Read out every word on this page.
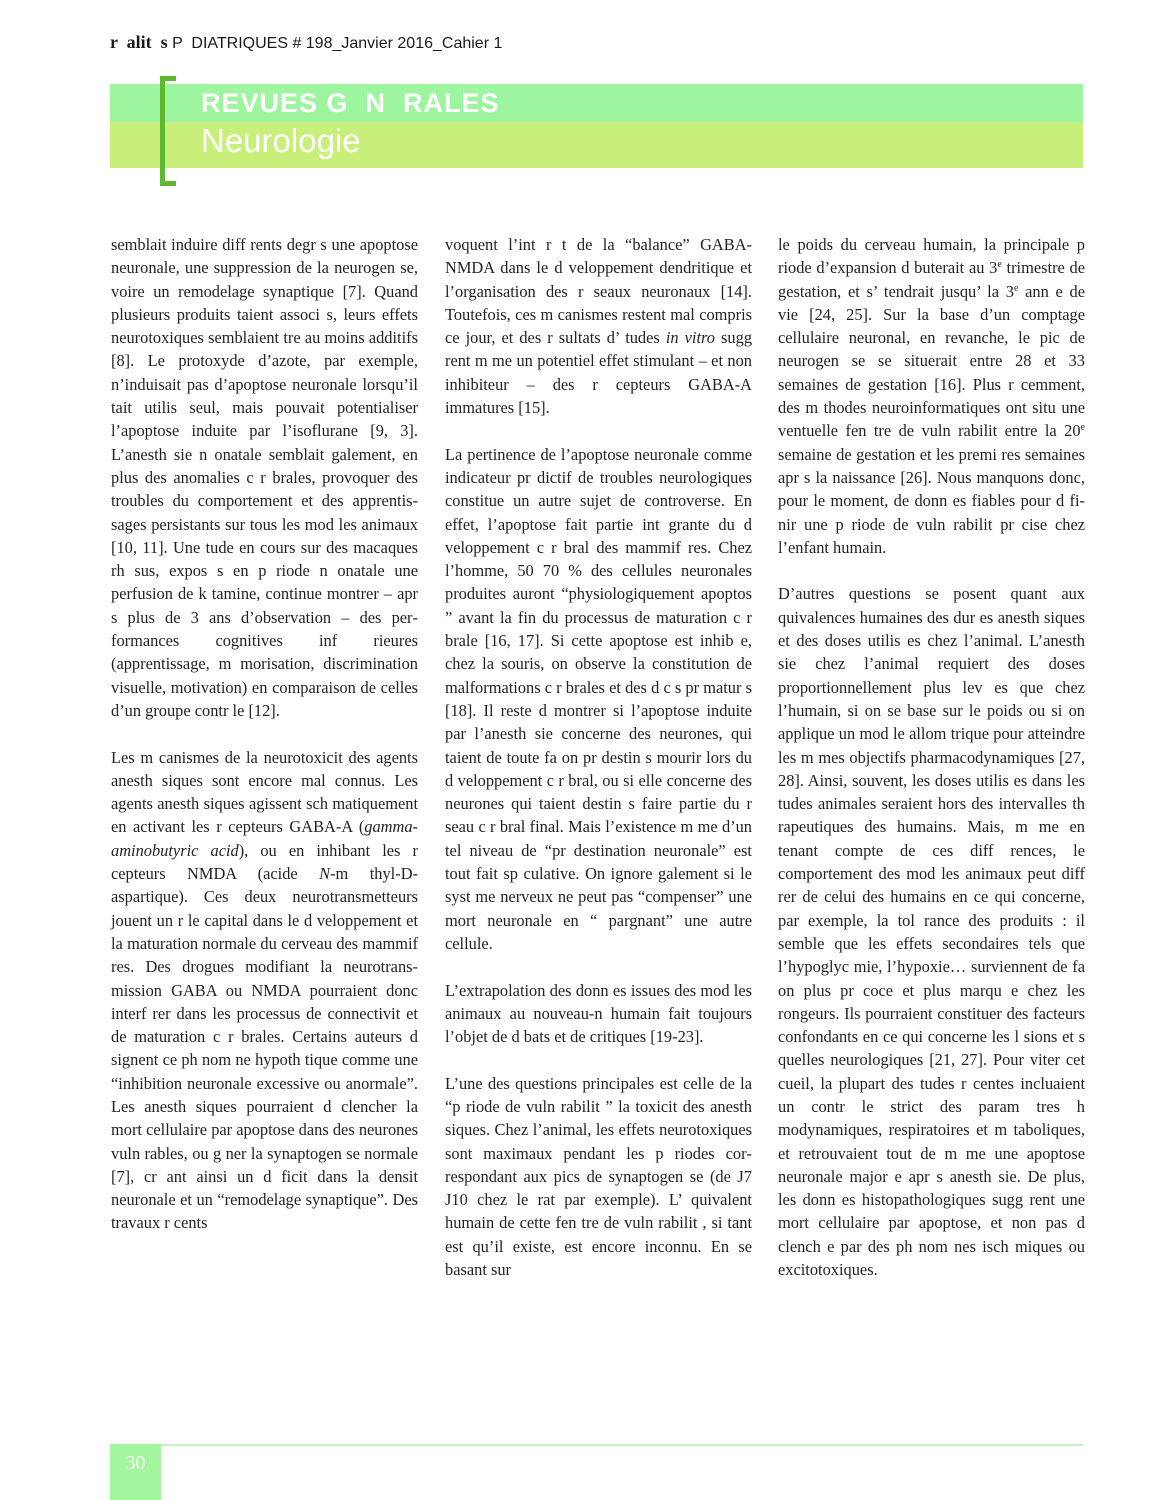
r  alit  s P  DIATRIQUES # 198_Janvier 2016_Cahier 1
REVUES G  N  RALES
Neurologie

semblait induire diff rents degr s une apoptose neuronale, une suppression de la neurogen se, voire un remodelage synaptique [7]. Quand plusieurs produits taient associ s, leurs effets neurotoxiques semblaient tre au moins additifs [8]. Le protoxyde d’azote, par exemple, n’induisait pas d’apoptose neuronale lorsqu’il tait utilis seul, mais pouvait potentialiser l’apoptose induite par l’isoflurane [9, 3]. L’anesth sie n onatale semblait galement, en plus des anomalies c r brales, provoquer des troubles du comportement et des apprentissages persistants sur tous les mod les animaux [10, 11]. Une tude en cours sur des macaques rh sus, expos s en p riode n onatale une perfusion de k tamine, continue montrer – apr s plus de 3 ans d’observation – des performances cognitives inf rieures (apprentissage, m morisation, discrimination visuelle, motivation) en comparaison de celles d’un groupe contr le [12].

Les m canismes de la neurotoxicit des agents anesth siques sont encore mal connus. Les agents anesth siques agissent sch matiquement en activant les r cepteurs GABA-A (gamma-aminobutyric acid), ou en inhibant les r cepteurs NMDA (acide N-m thyl-D-aspartique). Ces deux neurotransmetteurs jouent un r le capital dans le d veloppement et la maturation normale du cerveau des mammif res. Des drogues modifiant la neurotransmission GABA ou NMDA pourraient donc interf rer dans les processus de connectivit et de maturation c r brales. Certains auteurs d signent ce ph nom ne hypoth tique comme une “inhibition neuronale excessive ou anormale”. Les anesth siques pourraient d clencher la mort cellulaire par apoptose dans des neurones vuln rables, ou g ner la synaptogen se normale [7], cr ant ainsi un d ficit dans la densit neuronale et un “remodelage synaptique”. Des travaux r cents

voquent l’int r t de la “balance” GABA-NMDA dans le d veloppement dendritique et l’organisation des r seaux neuronaux [14]. Toutefois, ces m canismes restent mal compris ce jour, et des r sultats d’ tudes in vitro sugg rent m me un potentiel effet stimulant – et non inhibiteur – des r cepteurs GABA-A immatures [15].

La pertinence de l’apoptose neuronale comme indicateur pr dictif de troubles neurologiques constitue un autre sujet de controverse. En effet, l’apoptose fait partie int grante du d veloppement c r bral des mammif res. Chez l’homme, 50 70 % des cellules neuronales produites auront “physiologiquement apoptos ” avant la fin du processus de maturation c r brale [16, 17]. Si cette apoptose est inhib e, chez la souris, on observe la constitution de malformations c r brales et des d c s pr matur s [18]. Il reste d montrer si l’apoptose induite par l’anesth sie concerne des neurones, qui taient de toute fa on pr destin s mourir lors du d veloppement c r bral, ou si elle concerne des neurones qui taient destin s faire partie du r seau c r bral final. Mais l’existence m me d’un tel niveau de “pr destination neuronale” est tout fait sp culative. On ignore galement si le syst me nerveux ne peut pas “compenser” une mort neuronale en “ pargnant” une autre cellule.

L’extrapolation des donn es issues des mod les animaux au nouveau-n humain fait toujours l’objet de d bats et de critiques [19-23].

L’une des questions principales est celle de la “p riode de vuln rabilit ” la toxicit des anesth siques. Chez l’animal, les effets neurotoxiques sont maximaux pendant les p riodes correspondant aux pics de synaptogen se (de J7 J10 chez le rat par exemple). L’ quivalent humain de cette fen tre de vuln rabilit , si tant est qu’il existe, est encore inconnu. En se basant sur

le poids du cerveau humain, la principale p riode d’expansion d buterait au 3e trimestre de gestation, et s’ tendrait jusqu’ la 3e ann e de vie [24, 25]. Sur la base d’un comptage cellulaire neuronal, en revanche, le pic de neurogen se se situerait entre 28 et 33 semaines de gestation [16]. Plus r cemment, des m thodes neuroinformatiques ont situ une ventuelle fen tre de vuln rabilit entre la 20e semaine de gestation et les premi res semaines apr s la naissance [26]. Nous manquons donc, pour le moment, de donn es fiables pour d finir une p riode de vuln rabilit pr cise chez l’enfant humain.

D’autres questions se posent quant aux quivalences humaines des dur es anesth siques et des doses utilis es chez l’animal. L’anesth sie chez l’animal requiert des doses proportionnellement plus lev es que chez l’humain, si on se base sur le poids ou si on applique un mod le allom trique pour atteindre les m mes objectifs pharmacodynamiques [27, 28]. Ainsi, souvent, les doses utilis es dans les tudes animales seraient hors des intervalles th rapeutiques des humains. Mais, m me en tenant compte de ces diff rences, le comportement des mod les animaux peut diff rer de celui des humains en ce qui concerne, par exemple, la tol rance des produits : il semble que les effets secondaires tels que l’hypoglyc mie, l’hypoxie… surviennent de fa on plus pr coce et plus marqu e chez les rongeurs. Ils pourraient constituer des facteurs confondants en ce qui concerne les l sions et s quelles neurologiques [21, 27]. Pour viter cet cueil, la plupart des tudes r centes incluaient un contr le strict des param tres h modynamiques, respiratoires et m taboliques, et retrouvaient tout de m me une apoptose neuronale major e apr s anesth sie. De plus, les donn es histopathologiques sugg rent une mort cellulaire par apoptose, et non pas d clench e par des ph nom nes isch miques ou excitotoxiques.

30
